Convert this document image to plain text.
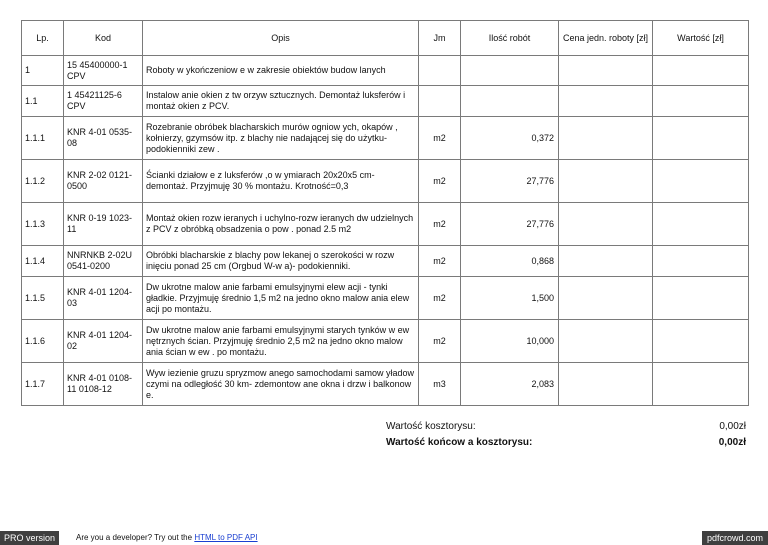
Lp.	Kod	Opis	Jm	Ilość robót	Cena jedn. roboty [zł]	Wartość [zł]
1	15 45400000-1 CPV	Roboty w ykończeniow e w zakresie obiektów budow lanych				
1.1	1 45421125-6 CPV	Instalow anie okien z tw orzyw sztucznych. Demontaż luksferów i montaż okien z PCV.				
1.1.1	KNR 4-01 0535-08	Rozebranie obróbek blacharskich murów ogniow ych, okapów , kołnierzy, gzymsów itp. z blachy nie nadającej się do użytku- podokienniki zew .	m2	0,372		
1.1.2	KNR 2-02 0121-0500	Ścianki działow e z luksferów ,o w ymiarach 20x20x5 cm- demontaż. Przyjmuję 30 % montażu. Krotność=0,3	m2	27,776		
1.1.3	KNR 0-19 1023-11	Montaż okien rozw ieranych i uchylno-rozw ieranych dw udzielnych z PCV z obróbką obsadzenia o pow . ponad 2.5 m2	m2	27,776		
1.1.4	NNRNKB 2-02U 0541-0200	Obróbki blacharskie z blachy pow lekanej o szerokości w rozw inięciu ponad 25 cm (Orgbud W-w a)- podokienniki.	m2	0,868		
1.1.5	KNR 4-01 1204-03	Dw ukrotne malow anie farbami emulsyjnymi elew acji - tynki gładkie. Przyjmuję średnio 1,5 m2 na jedno okno malow ania elew acji po montażu.	m2	1,500		
1.1.6	KNR 4-01 1204-02	Dw ukrotne malow anie farbami emulsyjnymi starych tynków w ew nętrznych ścian. Przyjmuję średnio 2,5 m2 na jedno okno malow ania ścian w ew . po montażu.	m2	10,000		
1.1.7	KNR 4-01 0108-11 0108-12	Wyw iezienie gruzu spryzmow anego samochodami samow yładow czymi na odległość 30 km- zdemontow ane okna i drzw i balkonow e.	m3	2,083		
Wartość kosztorysu:	0,00zł
Wartość końcow a kosztorysu:	0,00zł
PRO version	Are you a developer? Try out the HTML to PDF API	pdfcrowd.com
